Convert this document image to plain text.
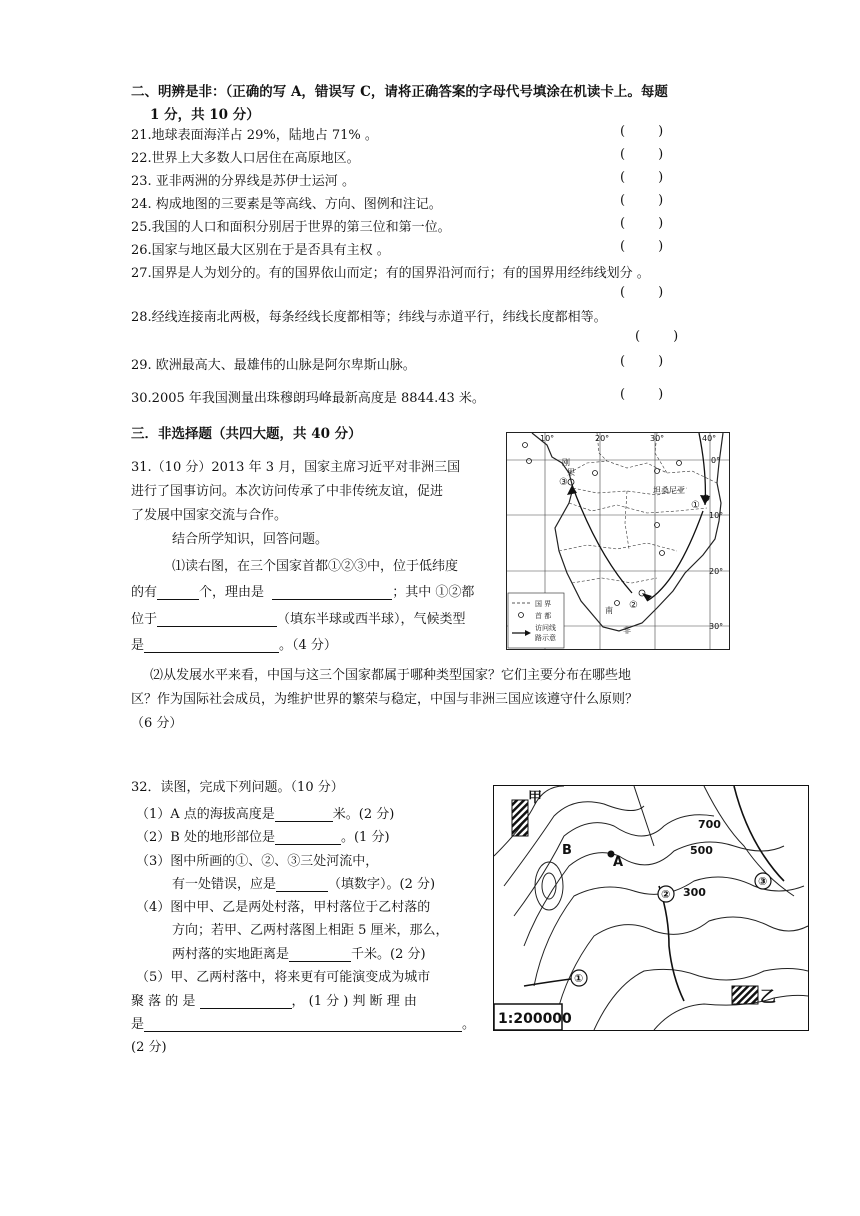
二、明辨是非：（正确的写 A，错误写 C，请将正确答案的字母代号填涂在机读卡上。每题
1 分，共 10 分）
21.地球表面海洋占 29%，陆地占 71% 。	(        )
22.世界上大多数人口居住在高原地区。	(        )
23. 亚非两洲的分界线是苏伊士运河 。	(        )
24. 构成地图的三要素是等高线、方向、图例和注记。	(        )
25.我国的人口和面积分别居于世界的第三位和第一位。	(        )
26.国家与地区最大区别在于是否具有主权 。	(        )
27.国界是人为划分的。有的国界依山而定；有的国界沿河而行；有的国界用经纬线划分 。
(        )
28.经线连接南北两极，每条经线长度都相等；纬线与赤道平行，纬线长度都相等。
(        )
29. 欧洲最高大、最雄伟的山脉是阿尔卑斯山脉。	(        )
30.2005 年我国测量出珠穆朗玛峰最新高度是 8844.43 米。	(        )
三．非选择题（共四大题，共 40 分）
31.（10 分）2013 年 3 月，国家主席习近平对非洲三国
进行了国事访问。本次访问传承了中非传统友谊，促进
了发展中国家交流与合作。
结合所学知识，回答问题。
⑴读右图，在三个国家首都①②③中，位于低纬度
的有	个，理由是	；其中 ①②都
位于	（填东半球或西半球），气候类型
是	。（4 分）
⑵从发展水平来看，中国与这三个国家都属于哪种类型国家？它们主要分布在哪些地
区？作为国际社会成员，为维护世界的繁荣与稳定，中国与非洲三国应该遵守什么原则？
（6 分）
10°	20°	30°	40°
0°
10°
20°
30°
刚
果
坦桑尼亚
南
非
①
②
③
国 界
首 都
访问线
路示意
32．读图，完成下列问题。（10 分）
（1）A 点的海拔高度是	米。(2 分)
（2）B 处的地形部位是	。(1 分)
（3）图中所画的①、②、③三处河流中，
有一处错误，应是	（填数字）。(2 分)
（4）图中甲、乙是两处村落，甲村落位于乙村落的
方向；若甲、乙两村落图上相距 5 厘米，那么，
两村落的实地距离是	千米。(2 分)
（5）甲、乙两村落中，将来更有可能演变成为城市
聚 落 的 是	， (1 分 ) 判 断 理 由
是	。
(2 分)
甲
乙
B
A
700
500
300
①
②
③
1:200000
